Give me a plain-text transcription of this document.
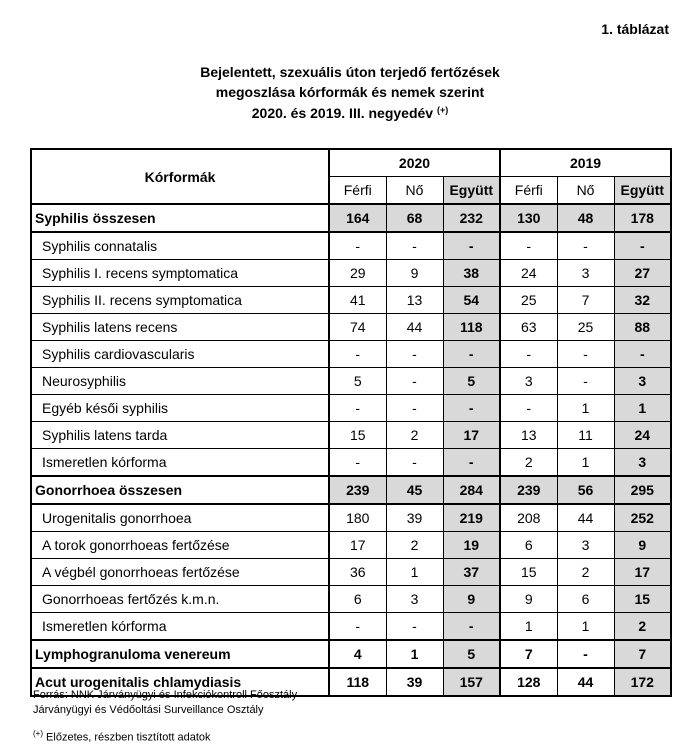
1. táblázat
Bejelentett, szexuális úton terjedő fertőzések
megoszlása kórformák és nemek szerint
2020. és 2019. III. negyedév (+)
Kórformák	2020			2019		
	Férfi	Nő	Együtt	Férfi	Nő	Együtt
Syphilis összesen	164	68	232	130	48	178
Syphilis connatalis	-	-	-	-	-	-
Syphilis I. recens symptomatica	29	9	38	24	3	27
Syphilis II. recens symptomatica	41	13	54	25	7	32
Syphilis latens recens	74	44	118	63	25	88
Syphilis cardiovascularis	-	-	-	-	-	-
Neurosyphilis	5	-	5	3	-	3
Egyéb késői syphilis	-	-	-	-	1	1
Syphilis latens tarda	15	2	17	13	11	24
Ismeretlen kórforma	-	-	-	2	1	3
Gonorrhoea összesen	239	45	284	239	56	295
Urogenitalis gonorrhoea	180	39	219	208	44	252
A torok gonorrhoeas fertőzése	17	2	19	6	3	9
A végbél gonorrhoeas fertőzése	36	1	37	15	2	17
Gonorrhoeas fertőzés k.m.n.	6	3	9	9	6	15
Ismeretlen kórforma	-	-	-	1	1	2
Lymphogranuloma venereum	4	1	5	7	-	7
Acut urogenitalis chlamydiasis	118	39	157	128	44	172
Forrás: NNK Járványügyi és Infekciókontroll Főosztály
Járványügyi és Védőoltási Surveillance Osztály
(+) Előzetes, részben tisztított adatok
